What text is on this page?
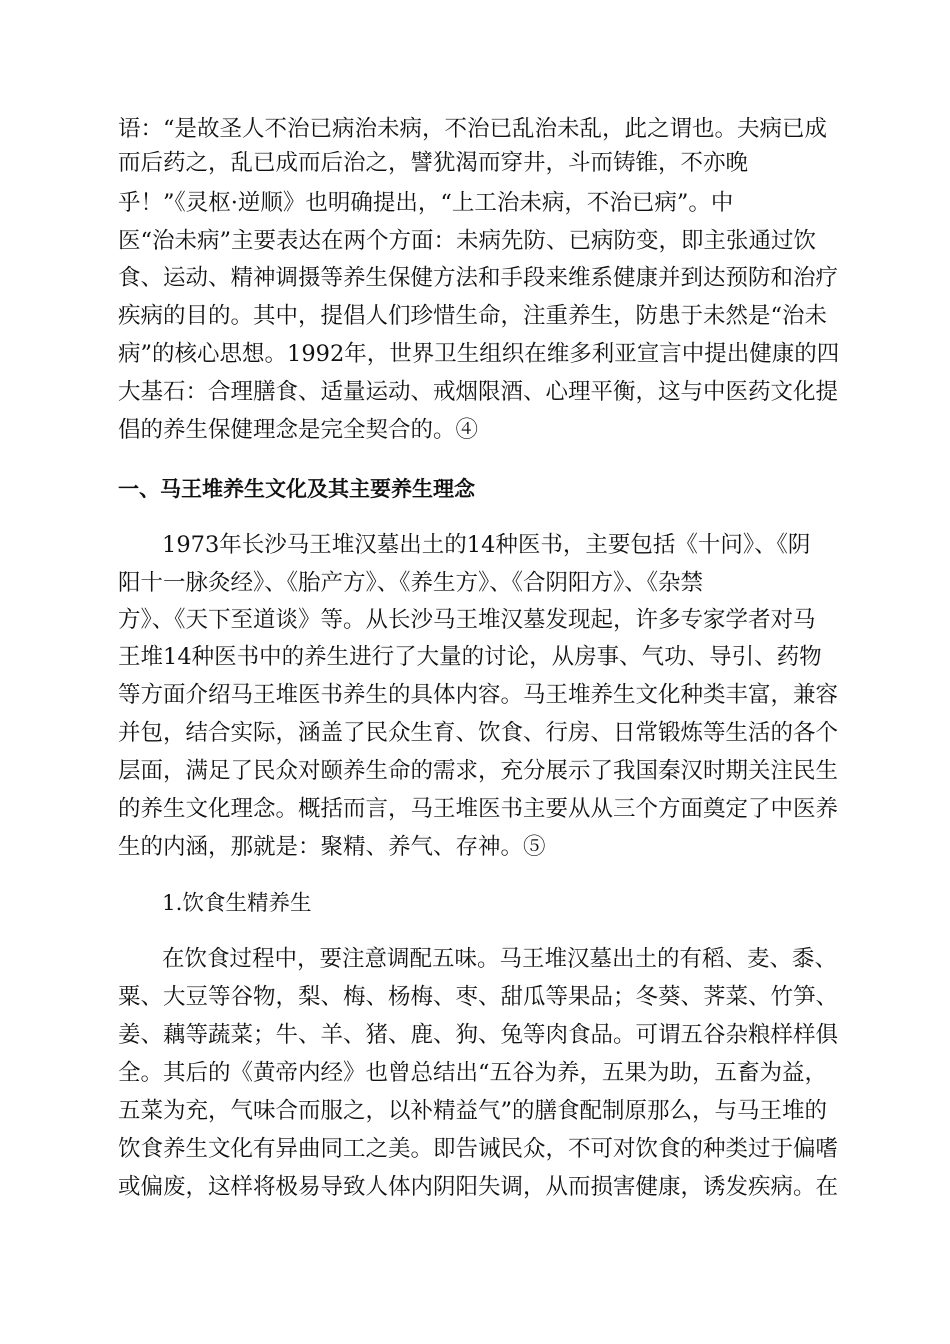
语：“是故圣人不治已病治未病，不治已乱治未乱，此之谓也。夫病已成
而后药之，乱已成而后治之，譬犹渴而穿井，斗而铸锥，不亦晚
乎！”《灵枢·逆顺》也明确提出，“上工治未病，不治已病”。中
医“治未病”主要表达在两个方面：未病先防、已病防变，即主张通过饮
食、运动、精神调摄等养生保健方法和手段来维系健康并到达预防和治疗
疾病的目的。其中，提倡人们珍惜生命，注重养生，防患于未然是“治未
病”的核心思想。1992年，世界卫生组织在维多利亚宣言中提出健康的四
大基石：合理膳食、适量运动、戒烟限酒、心理平衡，这与中医药文化提
倡的养生保健理念是完全契合的。④
一、马王堆养生文化及其主要养生理念
1973年长沙马王堆汉墓出土的14种医书，主要包括《十问》、《阴
阳十一脉灸经》、《胎产方》、《养生方》、《合阴阳方》、《杂禁
方》、《天下至道谈》等。从长沙马王堆汉墓发现起，许多专家学者对马
王堆14种医书中的养生进行了大量的讨论，从房事、气功、导引、药物
等方面介绍马王堆医书养生的具体内容。马王堆养生文化种类丰富，兼容
并包，结合实际，涵盖了民众生育、饮食、行房、日常锻炼等生活的各个
层面，满足了民众对颐养生命的需求，充分展示了我国秦汉时期关注民生
的养生文化理念。概括而言，马王堆医书主要从从三个方面奠定了中医养
生的内涵，那就是：聚精、养气、存神。⑤
1.饮食生精养生
在饮食过程中，要注意调配五味。马王堆汉墓出土的有稻、麦、黍、
粟、大豆等谷物，梨、梅、杨梅、枣、甜瓜等果品；冬葵、荠菜、竹笋、
姜、藕等蔬菜；牛、羊、猪、鹿、狗、兔等肉食品。可谓五谷杂粮样样俱
全。其后的《黄帝内经》也曾总结出“五谷为养，五果为助，五畜为益，
五菜为充，气味合而服之，以补精益气”的膳食配制原那么，与马王堆的
饮食养生文化有异曲同工之美。即告诫民众，不可对饮食的种类过于偏嗜
或偏废，这样将极易导致人体内阴阳失调，从而损害健康，诱发疾病。在
